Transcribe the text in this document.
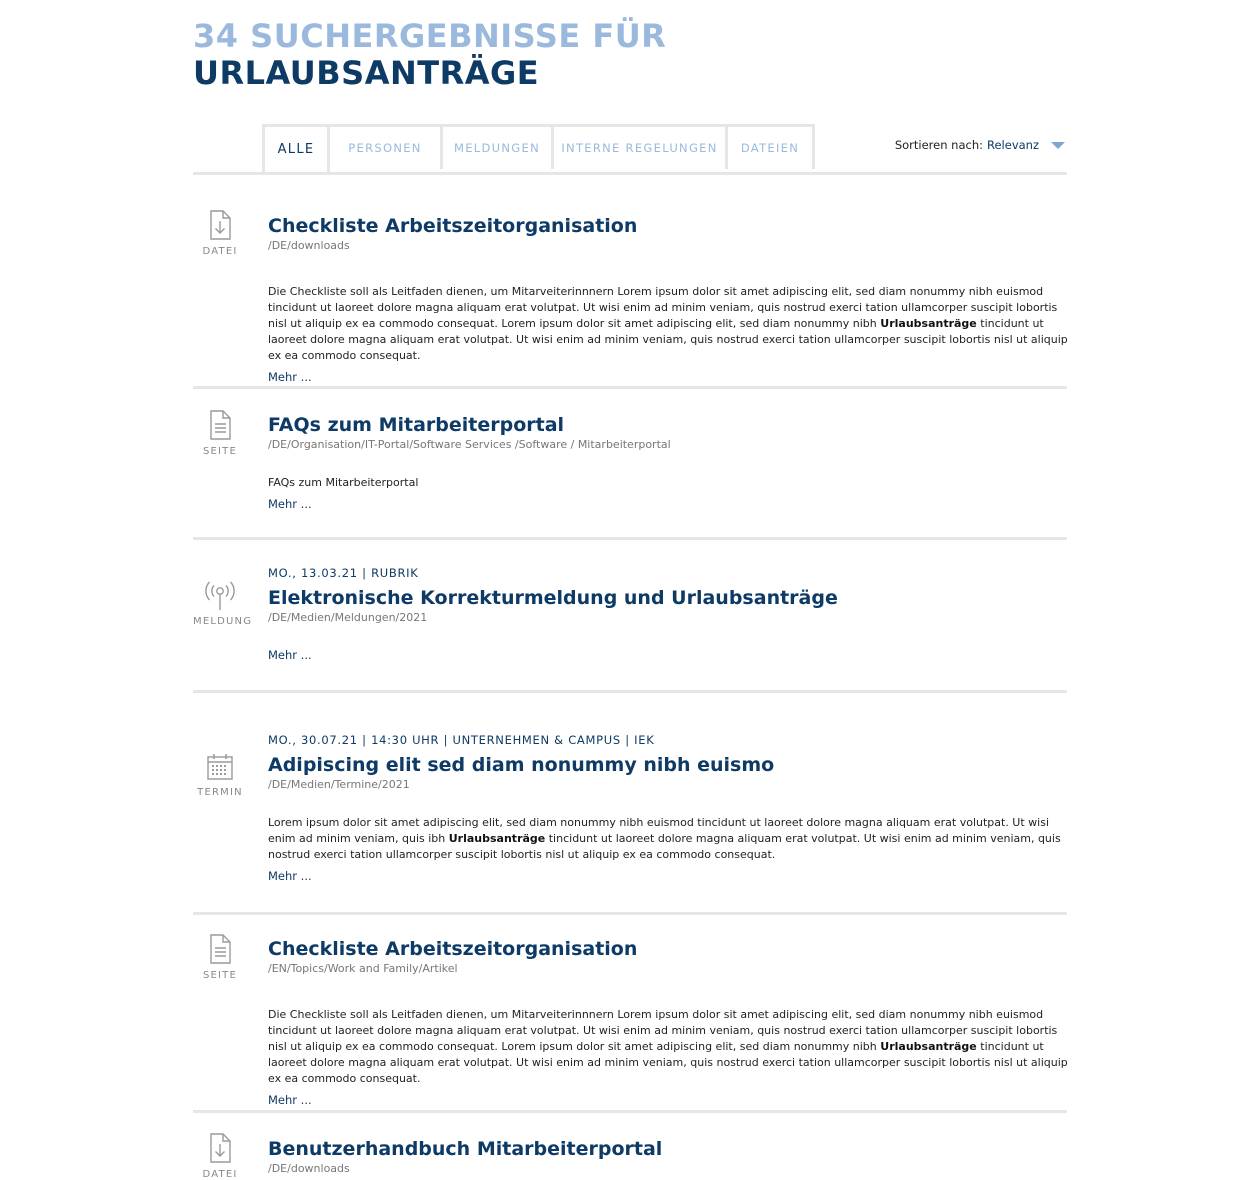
34 SUCHERGEBNISSE FÜR
URLAUBSANTRÄGE
ALLE	PERSONEN	MELDUNGEN	INTERNE REGELUNGEN	DATEIEN	Sortieren nach: Relevanz
DATEI
Checkliste Arbeitszeitorganisation
/DE/downloads
Die Checkliste soll als Leitfaden dienen, um Mitarveiterinnnern Lorem ipsum dolor sit amet adipiscing elit, sed diam nonummy nibh euismod tincidunt ut laoreet dolore magna aliquam erat volutpat. Ut wisi enim ad minim veniam, quis nostrud exerci tation ullamcorper suscipit lobortis nisl ut aliquip ex ea commodo consequat. Lorem ipsum dolor sit amet adipiscing elit, sed diam nonummy nibh Urlaubsanträge tincidunt ut laoreet dolore magna aliquam erat volutpat. Ut wisi enim ad minim veniam, quis nostrud exerci tation ullamcorper suscipit lobortis nisl ut aliquip ex ea commodo consequat.
Mehr ...
SEITE
FAQs zum Mitarbeiterportal
/DE/Organisation/IT-Portal/Software Services /Software / Mitarbeiterportal
FAQs zum Mitarbeiterportal
Mehr ...
MELDUNG
MO., 13.03.21 | RUBRIK
Elektronische Korrekturmeldung und Urlaubsanträge
/DE/Medien/Meldungen/2021
Mehr ...
TERMIN
MO., 30.07.21 | 14:30 UHR | UNTERNEHMEN & CAMPUS | IEK
Adipiscing elit sed diam nonummy nibh euismo
/DE/Medien/Termine/2021
Lorem ipsum dolor sit amet adipiscing elit, sed diam nonummy nibh euismod tincidunt ut laoreet dolore magna aliquam erat volutpat. Ut wisi enim ad minim veniam, quis ibh Urlaubsanträge tincidunt ut laoreet dolore magna aliquam erat volutpat. Ut wisi enim ad minim veniam, quis nostrud exerci tation ullamcorper suscipit lobortis nisl ut aliquip ex ea commodo consequat.
Mehr ...
SEITE
Checkliste Arbeitszeitorganisation
/EN/Topics/Work and Family/Artikel
Die Checkliste soll als Leitfaden dienen, um Mitarveiterinnnern Lorem ipsum dolor sit amet adipiscing elit, sed diam nonummy nibh euismod tincidunt ut laoreet dolore magna aliquam erat volutpat. Ut wisi enim ad minim veniam, quis nostrud exerci tation ullamcorper suscipit lobortis nisl ut aliquip ex ea commodo consequat. Lorem ipsum dolor sit amet adipiscing elit, sed diam nonummy nibh Urlaubsanträge tincidunt ut laoreet dolore magna aliquam erat volutpat. Ut wisi enim ad minim veniam, quis nostrud exerci tation ullamcorper suscipit lobortis nisl ut aliquip ex ea commodo consequat.
Mehr ...
DATEI
Benutzerhandbuch Mitarbeiterportal
/DE/downloads
